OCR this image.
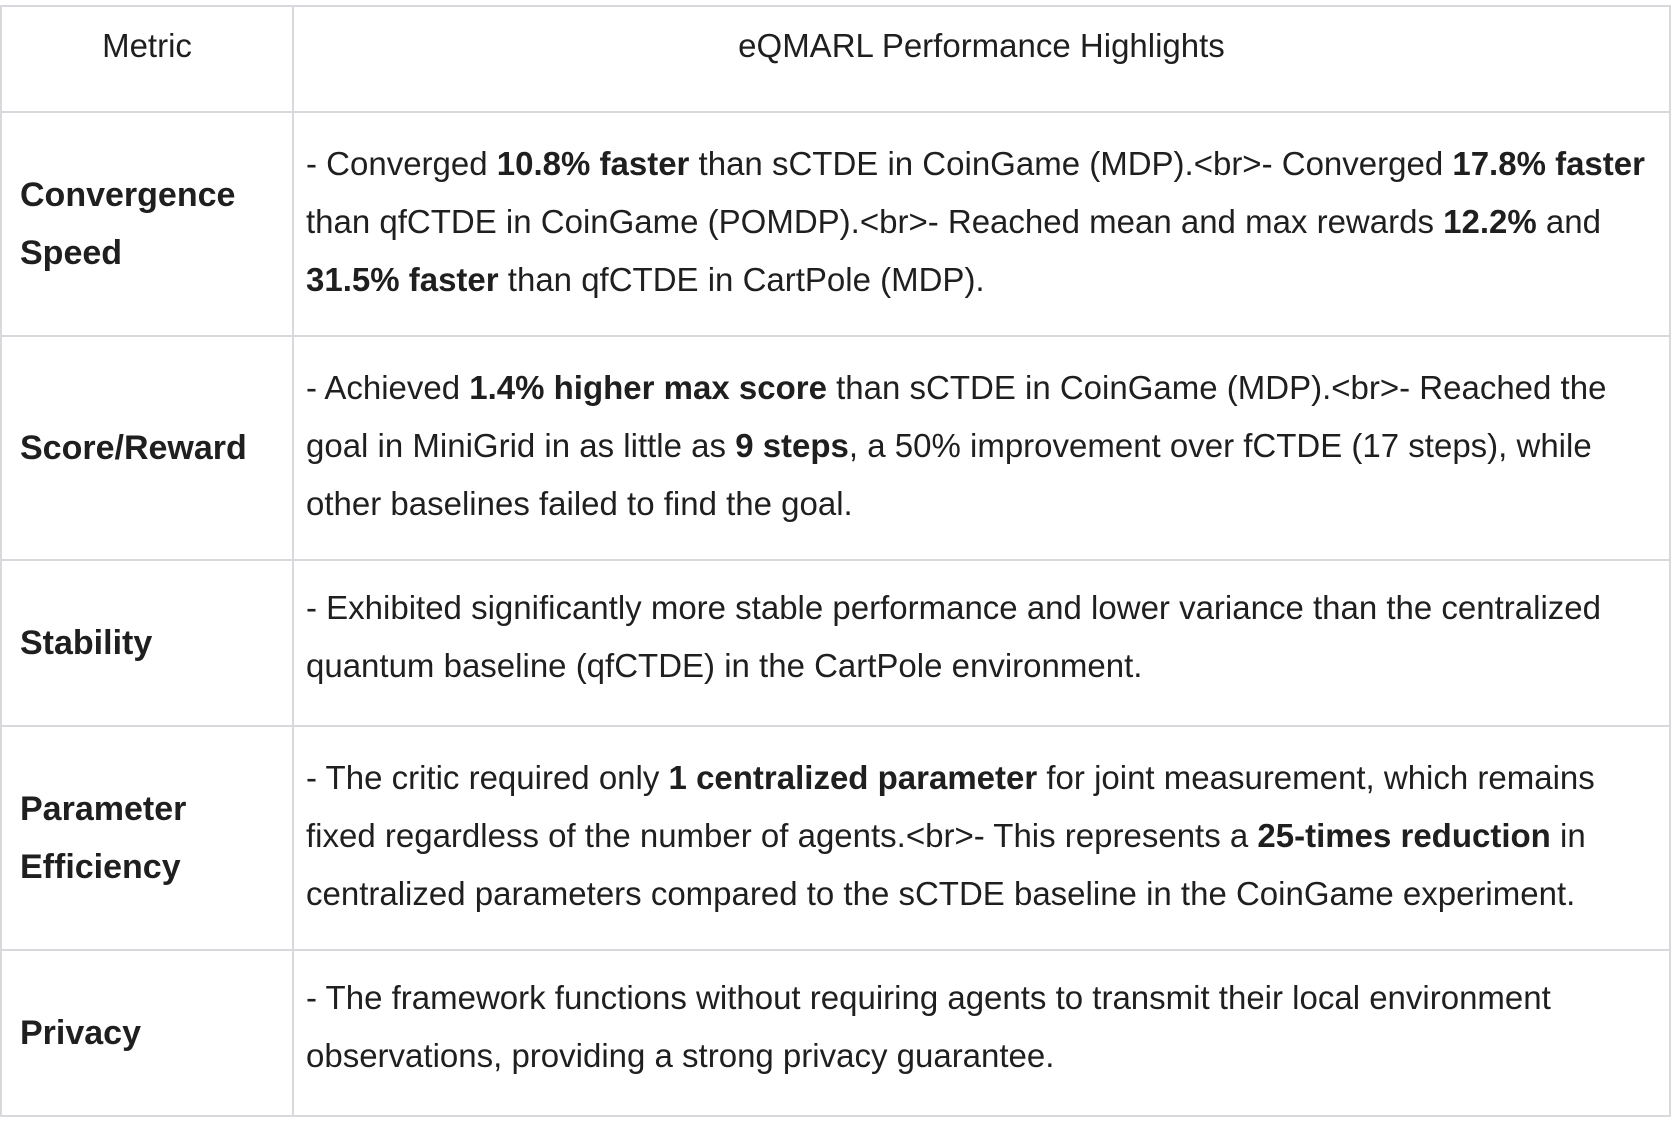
Metric	eQMARL Performance Highlights
Convergence Speed	- Converged 10.8% faster than sCTDE in CoinGame (MDP).<br>- Converged 17.8% faster than qfCTDE in CoinGame (POMDP).<br>- Reached mean and max rewards 12.2% and 31.5% faster than qfCTDE in CartPole (MDP).
Score/Reward	- Achieved 1.4% higher max score than sCTDE in CoinGame (MDP).<br>- Reached the goal in MiniGrid in as little as 9 steps, a 50% improvement over fCTDE (17 steps), while other baselines failed to find the goal.
Stability	- Exhibited significantly more stable performance and lower variance than the centralized quantum baseline (qfCTDE) in the CartPole environment.
Parameter Efficiency	- The critic required only 1 centralized parameter for joint measurement, which remains fixed regardless of the number of agents.<br>- This represents a 25-times reduction in centralized parameters compared to the sCTDE baseline in the CoinGame experiment.
Privacy	- The framework functions without requiring agents to transmit their local environment observations, providing a strong privacy guarantee.
